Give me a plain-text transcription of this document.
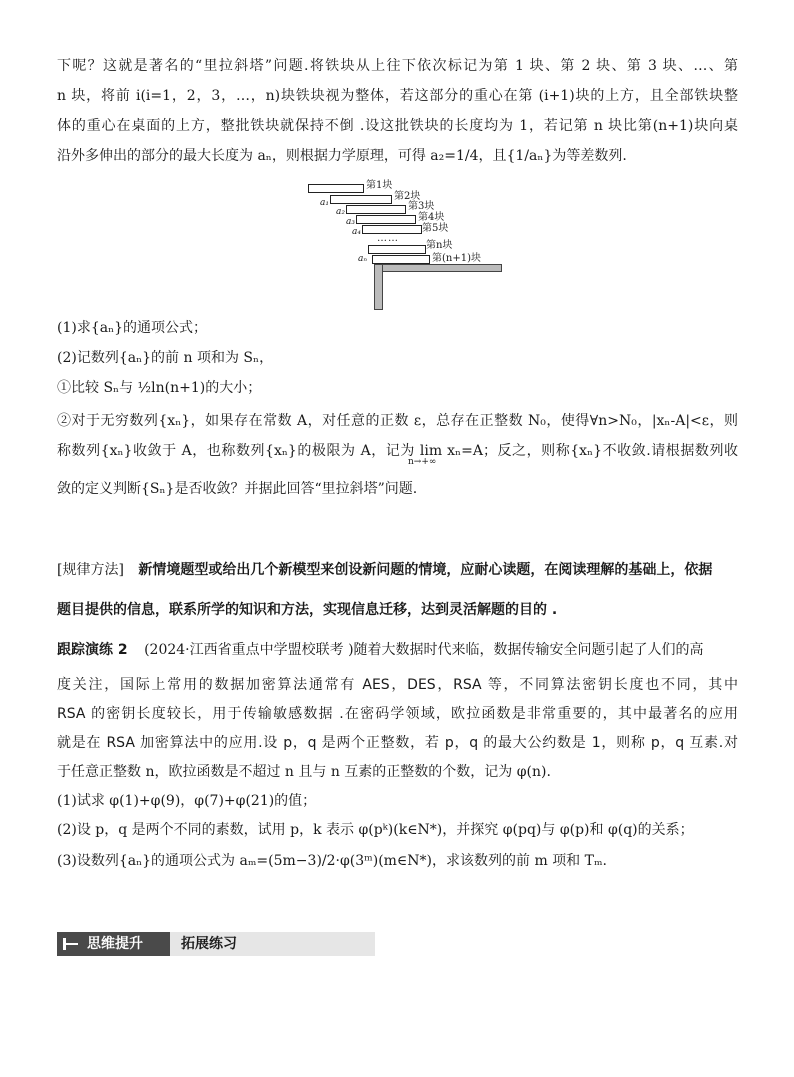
下呢？这就是著名的“里拉斜塔”问题.将铁块从上往下依次标记为第 1 块、第 2 块、第 3 块、…、第
n 块，将前 i(i=1，2，3，…，n)块铁块视为整体，若这部分的重心在第 (i+1)块的上方，且全部铁块整
体的重心在桌面的上方，整批铁块就保持不倒 .设这批铁块的长度均为 1，若记第 n 块比第(n+1)块向桌
沿外多伸出的部分的最大长度为 aₙ，则根据力学原理，可得 a₂=1/4，且{1/aₙ}为等差数列.
第1块
第2块
第3块
第4块
第5块
第n块
第(n+1)块
a₁
a₂
a₃
a₄
aₙ
……
(1)求{aₙ}的通项公式；
(2)记数列{aₙ}的前 n 项和为 Sₙ，
①比较 Sₙ与 ½ln(n+1)的大小；
②对于无穷数列{xₙ}，如果存在常数 A，对任意的正数 ε，总存在正整数 N₀，使得∀n>N₀，|xₙ-A|<ε，则
称数列{xₙ}收敛于 A，也称数列{xₙ}的极限为 A，记为 lim xₙ=A；反之，则称{xₙ}不收敛.请根据数列收
n→+∞
敛的定义判断{Sₙ}是否收敛？并据此回答“里拉斜塔”问题.
[规律方法] 新情境题型或给出几个新模型来创设新问题的情境，应耐心读题，在阅读理解的基础上，依据
题目提供的信息，联系所学的知识和方法，实现信息迁移，达到灵活解题的目的 .
跟踪演练 2 (2024·江西省重点中学盟校联考 )随着大数据时代来临，数据传输安全问题引起了人们的高
度关注，国际上常用的数据加密算法通常有 AES，DES，RSA 等，不同算法密钥长度也不同，其中
RSA 的密钥长度较长，用于传输敏感数据 .在密码学领域，欧拉函数是非常重要的，其中最著名的应用
就是在 RSA 加密算法中的应用.设 p，q 是两个正整数，若 p，q 的最大公约数是 1，则称 p，q 互素.对
于任意正整数 n，欧拉函数是不超过 n 且与 n 互素的正整数的个数，记为 φ(n).
(1)试求 φ(1)+φ(9)，φ(7)+φ(21)的值；
(2)设 p，q 是两个不同的素数，试用 p，k 表示 φ(pᵏ)(k∈N*)，并探究 φ(pq)与 φ(p)和 φ(q)的关系；
(3)设数列{aₙ}的通项公式为 aₘ=(5m−3)/2·φ(3ᵐ)(m∈N*)，求该数列的前 m 项和 Tₘ.
思维提升	拓展练习
